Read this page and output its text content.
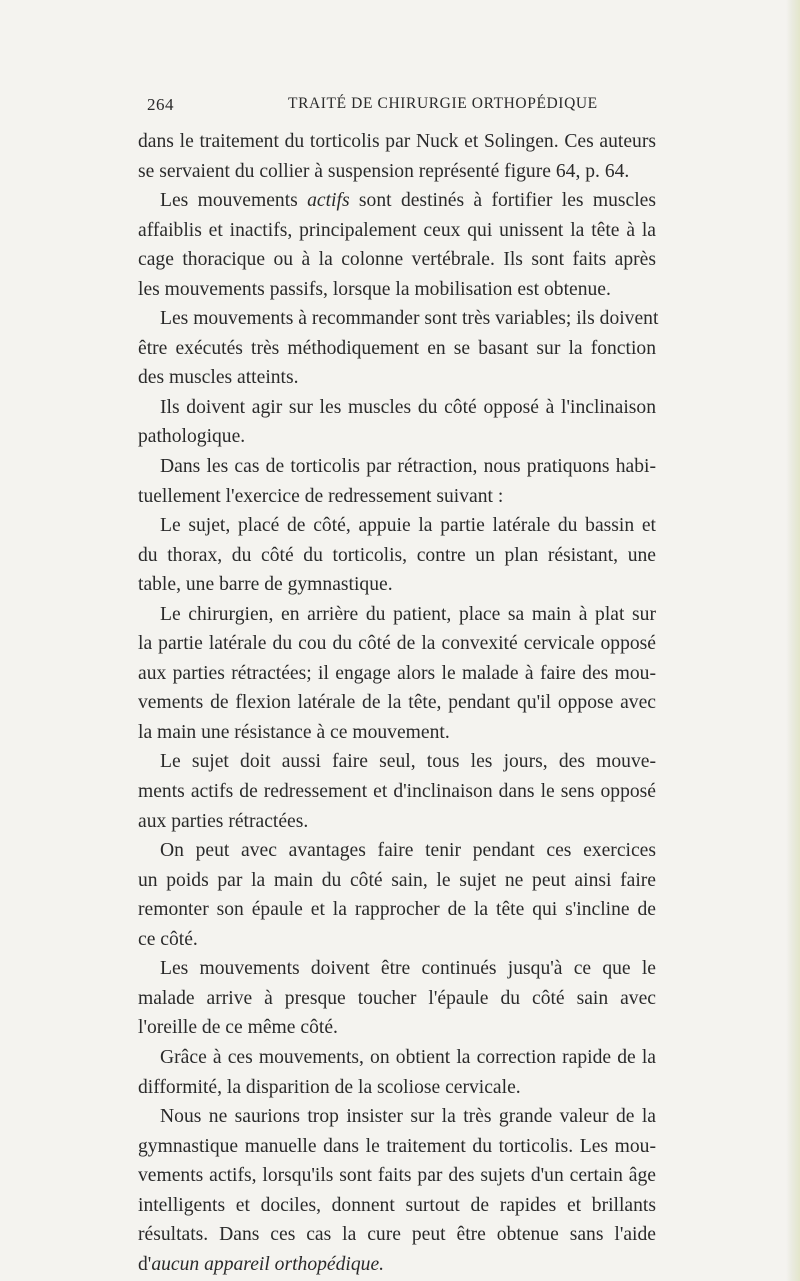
264	TRAITÉ DE CHIRURGIE ORTHOPÉDIQUE
dans le traitement du torticolis par Nuck et Solingen. Ces auteurs
se servaient du collier à suspension représenté figure 64, p. 64.
Les mouvements actifs sont destinés à fortifier les muscles
affaiblis et inactifs, principalement ceux qui unissent la tête à la
cage thoracique ou à la colonne vertébrale. Ils sont faits après
les mouvements passifs, lorsque la mobilisation est obtenue.
Les mouvements à recommander sont très variables; ils doivent
être exécutés très méthodiquement en se basant sur la fonction
des muscles atteints.
Ils doivent agir sur les muscles du côté opposé à l'inclinaison
pathologique.
Dans les cas de torticolis par rétraction, nous pratiquons habi-
tuellement l'exercice de redressement suivant :
Le sujet, placé de côté, appuie la partie latérale du bassin et
du thorax, du côté du torticolis, contre un plan résistant, une
table, une barre de gymnastique.
Le chirurgien, en arrière du patient, place sa main à plat sur
la partie latérale du cou du côté de la convexité cervicale opposé
aux parties rétractées; il engage alors le malade à faire des mou-
vements de flexion latérale de la tête, pendant qu'il oppose avec
la main une résistance à ce mouvement.
Le sujet doit aussi faire seul, tous les jours, des mouve-
ments actifs de redressement et d'inclinaison dans le sens opposé
aux parties rétractées.
On peut avec avantages faire tenir pendant ces exercices
un poids par la main du côté sain, le sujet ne peut ainsi faire
remonter son épaule et la rapprocher de la tête qui s'incline de
ce côté.
Les mouvements doivent être continués jusqu'à ce que le
malade arrive à presque toucher l'épaule du côté sain avec
l'oreille de ce même côté.
Grâce à ces mouvements, on obtient la correction rapide de la
difformité, la disparition de la scoliose cervicale.
Nous ne saurions trop insister sur la très grande valeur de la
gymnastique manuelle dans le traitement du torticolis. Les mou-
vements actifs, lorsqu'ils sont faits par des sujets d'un certain âge
intelligents et dociles, donnent surtout de rapides et brillants
résultats. Dans ces cas la cure peut être obtenue sans l'aide
d'aucun appareil orthopédique.
